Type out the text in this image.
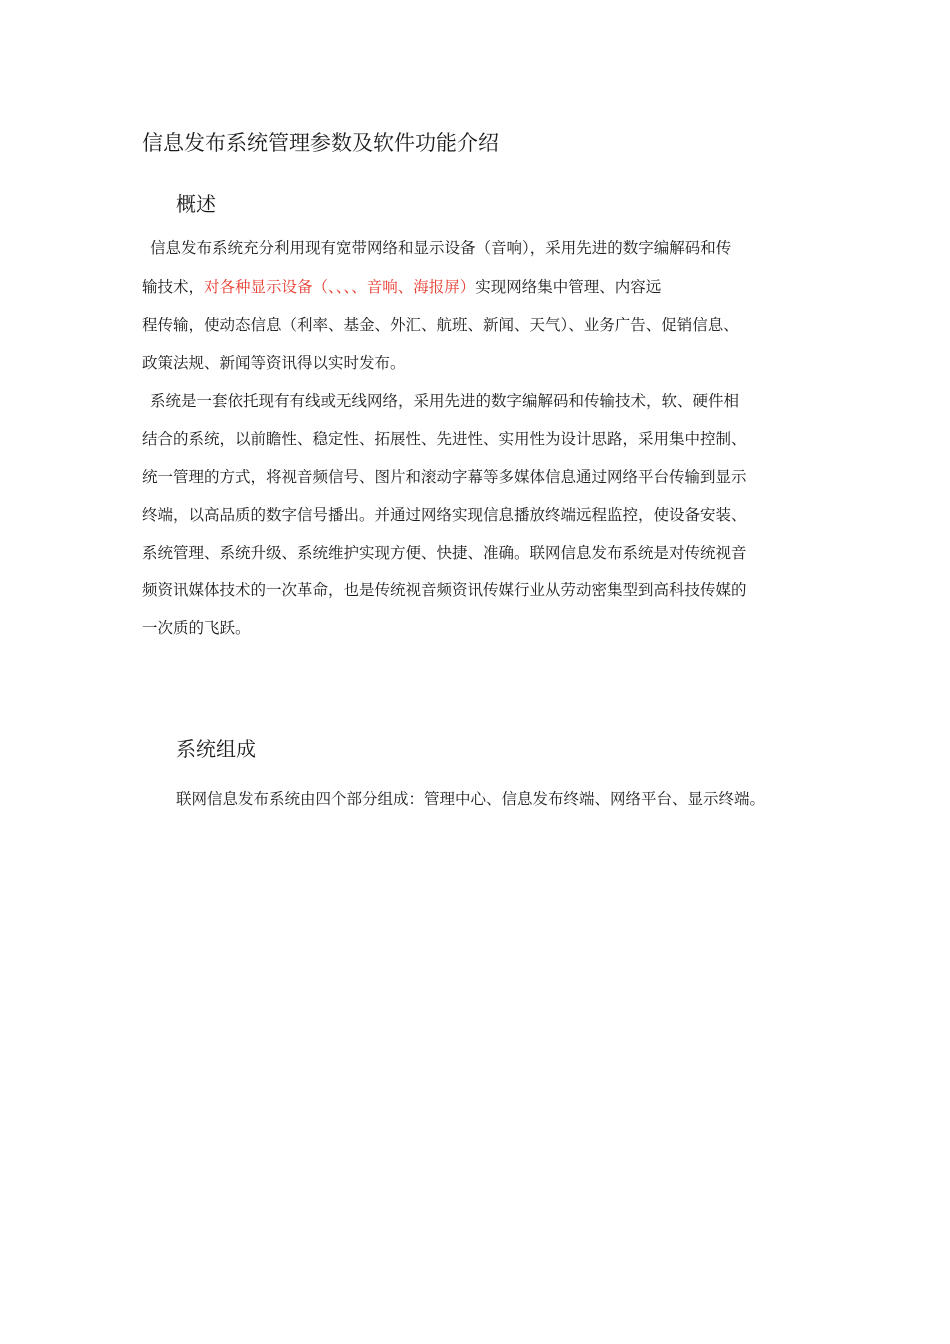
信息发布系统管理参数及软件功能介绍
概述

信息发布系统充分利用现有宽带网络和显示设备（音响），采用先进的数字编解码和传

输技术，对各种显示设备（、、、、音响、海报屏）实现网络集中管理、内容远

程传输，使动态信息（利率、基金、外汇、航班、新闻、天气）、业务广告、促销信息、

政策法规、新闻等资讯得以实时发布。

系统是一套依托现有有线或无线网络，采用先进的数字编解码和传输技术，软、硬件相

结合的系统，以前瞻性、稳定性、拓展性、先进性、实用性为设计思路，采用集中控制、

统一管理的方式，将视音频信号、图片和滚动字幕等多媒体信息通过网络平台传输到显示

终端，以高品质的数字信号播出。并通过网络实现信息播放终端远程监控，使设备安装、

系统管理、系统升级、系统维护实现方便、快捷、准确。联网信息发布系统是对传统视音

频资讯媒体技术的一次革命，也是传统视音频资讯传媒行业从劳动密集型到高科技传媒的

一次质的飞跃。

系统组成

联网信息发布系统由四个部分组成：管理中心、信息发布终端、网络平台、显示终端。
